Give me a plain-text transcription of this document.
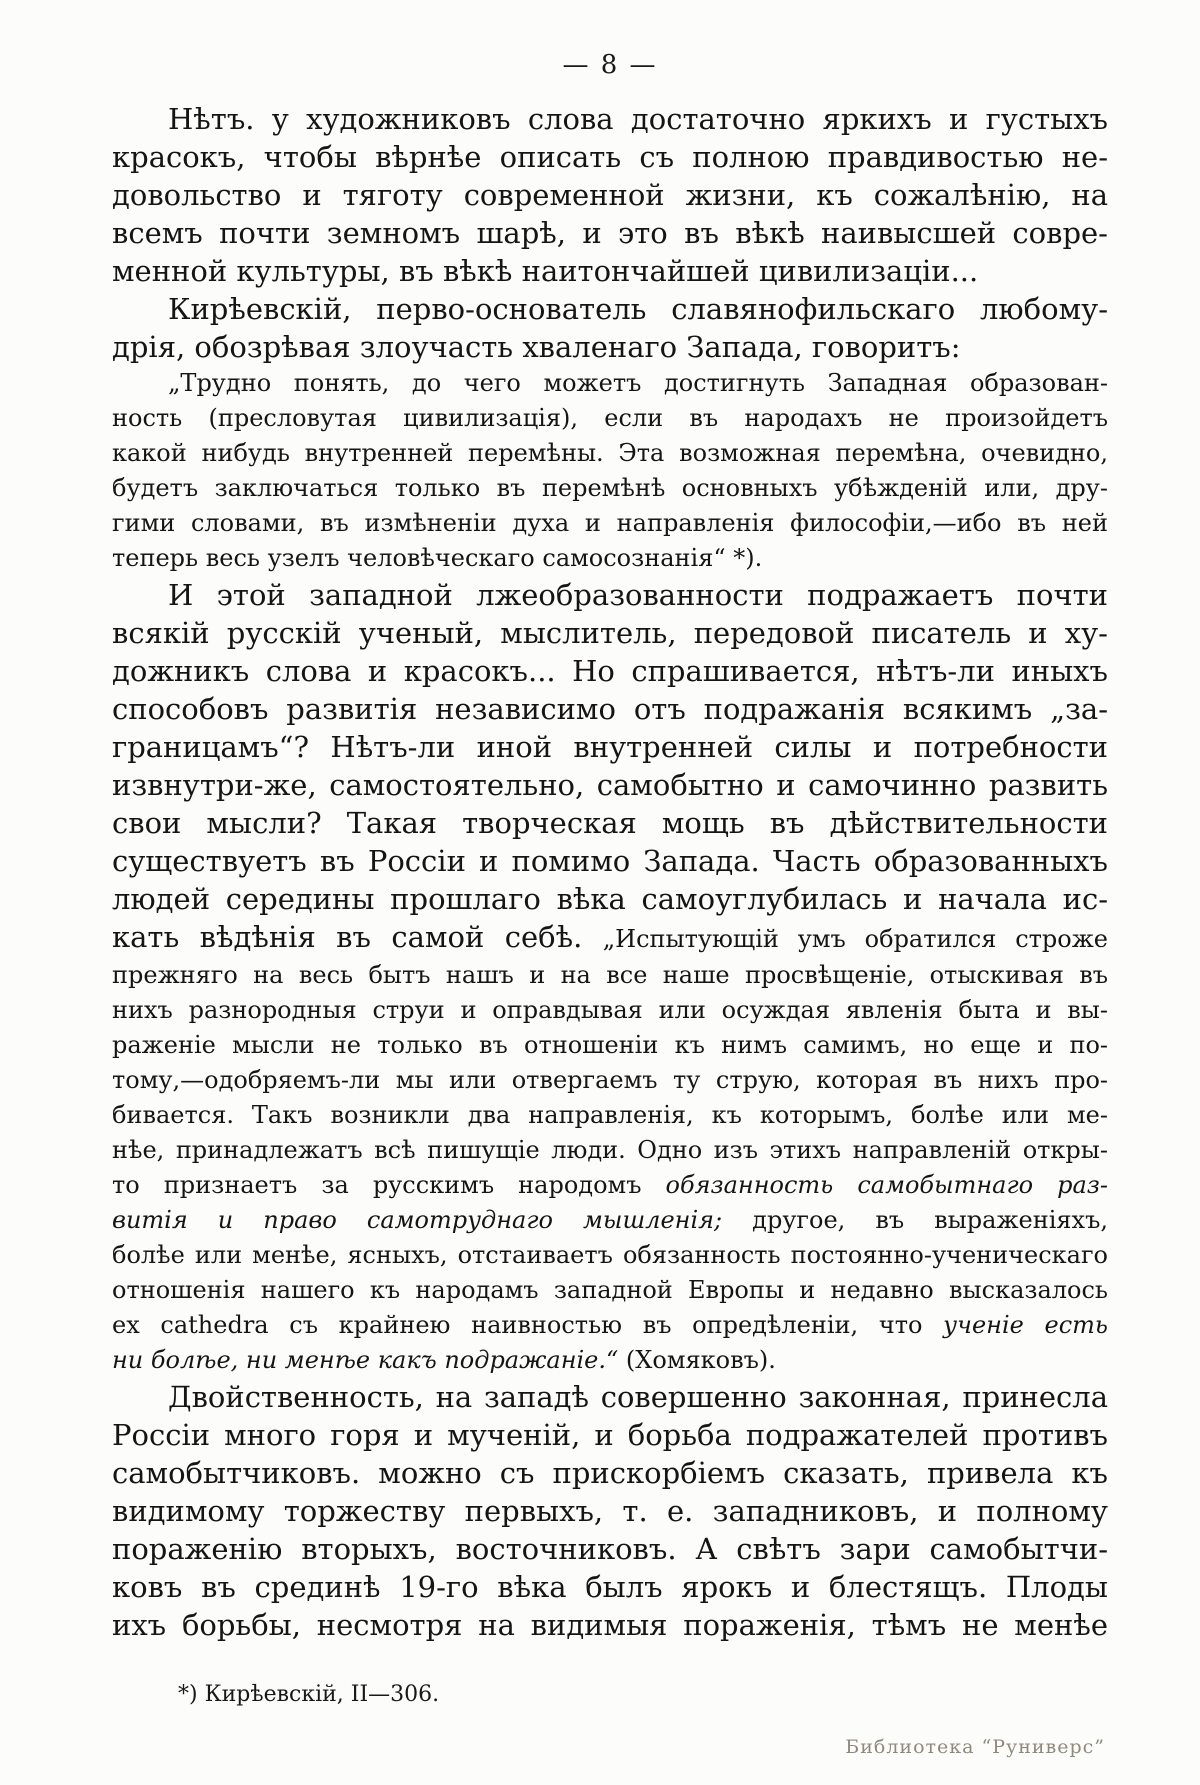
— 8 —
Нѣтъ. у художниковъ слова достаточно яркихъ и густыхъ
красокъ, чтобы вѣрнѣе описать съ полною правдивостью не-
довольство и тяготу современной жизни, къ сожалѣнію, на
всемъ почти земномъ шарѣ, и это въ вѣкѣ наивысшей совре-
менной культуры, въ вѣкѣ наитончайшей цивилизаціи...
Кирѣевскій, перво-основатель славянофильскаго любому-
дрія, обозрѣвая злоучасть хваленаго Запада, говоритъ:
„Трудно понять, до чего можетъ достигнуть Западная образован-
ность (пресловутая цивилизація), если въ народахъ не произойдетъ
какой нибудь внутренней перемѣны. Эта возможная перемѣна, очевидно,
будетъ заключаться только въ перемѣнѣ основныхъ убѣжденій или, дру-
гими словами, въ измѣненіи духа и направленія философіи,—ибо въ ней
теперь весь узелъ человѣческаго самосознанія“ *).
И этой западной лжеобразованности подражаетъ почти
всякій русскій ученый, мыслитель, передовой писатель и ху-
дожникъ слова и красокъ... Но спрашивается, нѣтъ-ли иныхъ
способовъ развитія независимо отъ подражанія всякимъ „за-
границамъ“? Нѣтъ-ли иной внутренней силы и потребности
извнутри-же, самостоятельно, самобытно и самочинно развить
свои мысли? Такая творческая мощь въ дѣйствительности
существуетъ въ Россіи и помимо Запада. Часть образованныхъ
людей середины прошлаго вѣка самоуглубилась и начала ис-
кать вѣдѣнія въ самой себѣ. „Испытующій умъ обратился строже
прежняго на весь бытъ нашъ и на все наше просвѣщеніе, отыскивая въ
нихъ разнородныя струи и оправдывая или осуждая явленія быта и вы-
раженіе мысли не только въ отношеніи къ нимъ самимъ, но еще и по-
тому,—одобряемъ-ли мы или отвергаемъ ту струю, которая въ нихъ про-
бивается. Такъ возникли два направленія, къ которымъ, болѣе или ме-
нѣе, принадлежатъ всѣ пишущіе люди. Одно изъ этихъ направленій откры-
то признаетъ за русскимъ народомъ обязанность самобытнаго раз-
витія и право самотруднаго мышленія; другое, въ выраженіяхъ,
болѣе или менѣе, ясныхъ, отстаиваетъ обязанность постоянно-ученическаго
отношенія нашего къ народамъ западной Европы и недавно высказалось
ex cathedra съ крайнею наивностью въ опредѣленіи, что ученіе есть
ни болѣе, ни менѣе какъ подражаніе.“ (Хомяковъ).
Двойственность, на западѣ совершенно законная, принесла
Россіи много горя и мученій, и борьба подражателей противъ
самобытчиковъ. можно съ прискорбіемъ сказать, привела къ
видимому торжеству первыхъ, т. е. западниковъ, и полному
пораженію вторыхъ, восточниковъ. А свѣтъ зари самобытчи-
ковъ въ срединѣ 19-го вѣка былъ ярокъ и блестящъ. Плоды
ихъ борьбы, несмотря на видимыя пораженія, тѣмъ не менѣе
*) Кирѣевскій, II—306.
Библиотека “Руниверс”
